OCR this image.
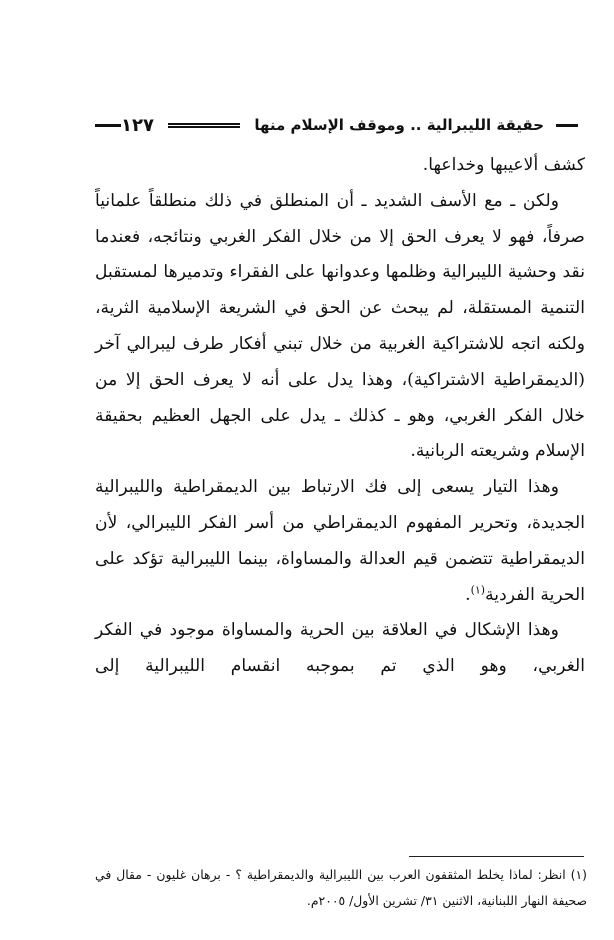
حقيقة الليبرالية .. وموقف الإسلام منها
١٢٧

كشف ألاعيبها وخداعها.

ولكن ـ مع الأسف الشديد ـ أن المنطلق في ذلك منطلقاً علمانياً صرفاً، فهو لا يعرف الحق إلا من خلال الفكر الغربي ونتائجه، فعندما نقد وحشية الليبرالية وظلمها وعدوانها على الفقراء وتدميرها لمستقبل التنمية المستقلة، لم يبحث عن الحق في الشريعة الإسلامية الثرية، ولكنه اتجه للاشتراكية الغربية من خلال تبني أفكار طرف ليبرالي آخر (الديمقراطية الاشتراكية)، وهذا يدل على أنه لا يعرف الحق إلا من خلال الفكر الغربي، وهو ـ كذلك ـ يدل على الجهل العظيم بحقيقة الإسلام وشريعته الربانية.

وهذا التيار يسعى إلى فك الارتباط بين الديمقراطية والليبرالية الجديدة، وتحرير المفهوم الديمقراطي من أسر الفكر الليبرالي، لأن الديمقراطية تتضمن قيم العدالة والمساواة، بينما الليبرالية تؤكد على الحرية الفردية$^{(١)}$.

وهذا الإشكال في العلاقة بين الحرية والمساواة موجود في الفكر الغربي، وهو الذي تم بموجبه انقسام الليبرالية إلى

(١) انظر: لماذا يخلط المثقفون العرب بين الليبرالية والديمقراطية ؟ - برهان غليون - مقال في صحيفة النهار اللبنانية، الاثنين ٣١/ تشرين الأول/ ٢٠٠٥م.
